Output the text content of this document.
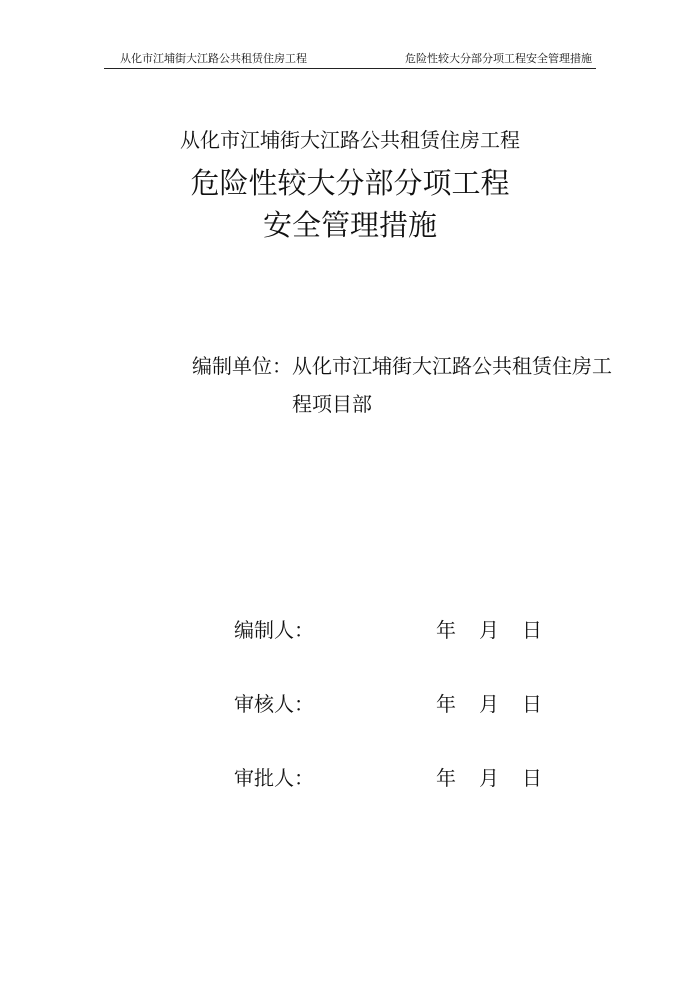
从化市江埔街大江路公共租赁住房工程	危险性较大分部分项工程安全管理措施
从化市江埔街大江路公共租赁住房工程
危险性较大分部分项工程
安全管理措施
编制单位：从化市江埔街大江路公共租赁住房工
程项目部
编制人：	年 月 日
审核人：	年 月 日
审批人：	年 月 日
